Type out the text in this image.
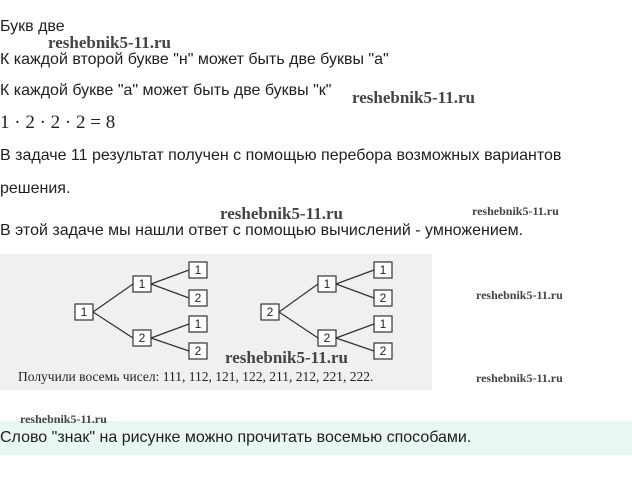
Букв две
К каждой второй букве "н" может быть две буквы "а"
К каждой букве "а" может быть две буквы "к"
1 · 2 · 2 · 2 = 8
В задаче 11 результат получен с помощью перебора возможных вариантов
решения.
В этой задаче мы нашли ответ с помощью вычислений - умножением.
1
1
2
1
2
1
2
2
1
2
1
2
1
2
Получили восемь чисел: 111, 112, 121, 122, 211, 212, 221, 222.
Слово "знак" на рисунке можно прочитать восемью способами.
reshebnik5-11.ru
reshebnik5-11.ru
reshebnik5-11.ru	reshebnik5-11.ru
reshebnik5-11.ru
reshebnik5-11.ru
reshebnik5-11.ru
reshebnik5-11.ru
